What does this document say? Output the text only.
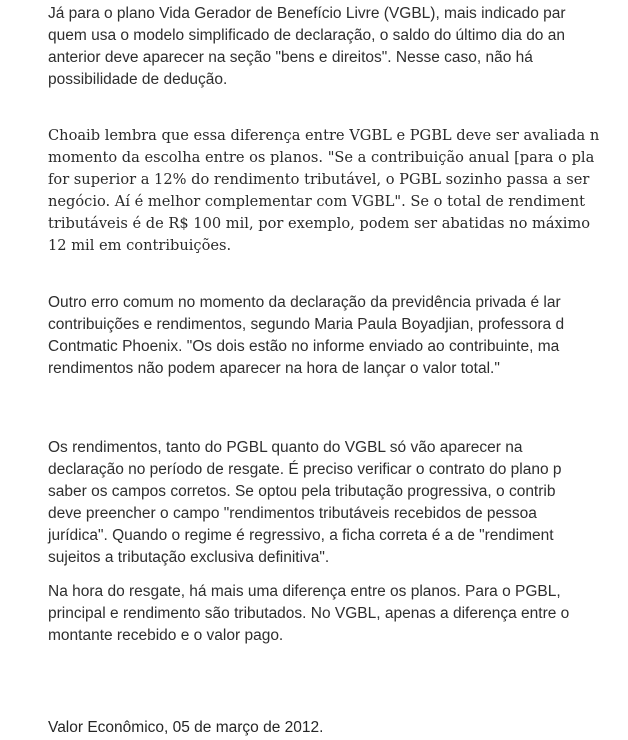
Já para o plano Vida Gerador de Benefício Livre (VGBL), mais indicado par
quem usa o modelo simplificado de declaração, o saldo do último dia do an
anterior deve aparecer na seção "bens e direitos". Nesse caso, não há
possibilidade de dedução.

Choaib lembra que essa diferença entre VGBL e PGBL deve ser avaliada n
momento da escolha entre os planos. "Se a contribuição anual [para o pla
for superior a 12% do rendimento tributável, o PGBL sozinho passa a ser
negócio. Aí é melhor complementar com VGBL". Se o total de rendiment
tributáveis é de R$ 100 mil, por exemplo, podem ser abatidas no máximo
12 mil em contribuições.

Outro erro comum no momento da declaração da previdência privada é lar
contribuições e rendimentos, segundo Maria Paula Boyadjian, professora d
Contmatic Phoenix. "Os dois estão no informe enviado ao contribuinte, ma
rendimentos não podem aparecer na hora de lançar o valor total."

Os rendimentos, tanto do PGBL quanto do VGBL só vão aparecer na
declaração no período de resgate. É preciso verificar o contrato do plano p
saber os campos corretos. Se optou pela tributação progressiva, o contrib
deve preencher o campo "rendimentos tributáveis recebidos de pessoa
jurídica". Quando o regime é regressivo, a ficha correta é a de "rendiment
sujeitos a tributação exclusiva definitiva".

Na hora do resgate, há mais uma diferença entre os planos. Para o PGBL,
principal e rendimento são tributados. No VGBL, apenas a diferença entre o
montante recebido e o valor pago.

Valor Econômico, 05 de março de 2012.
